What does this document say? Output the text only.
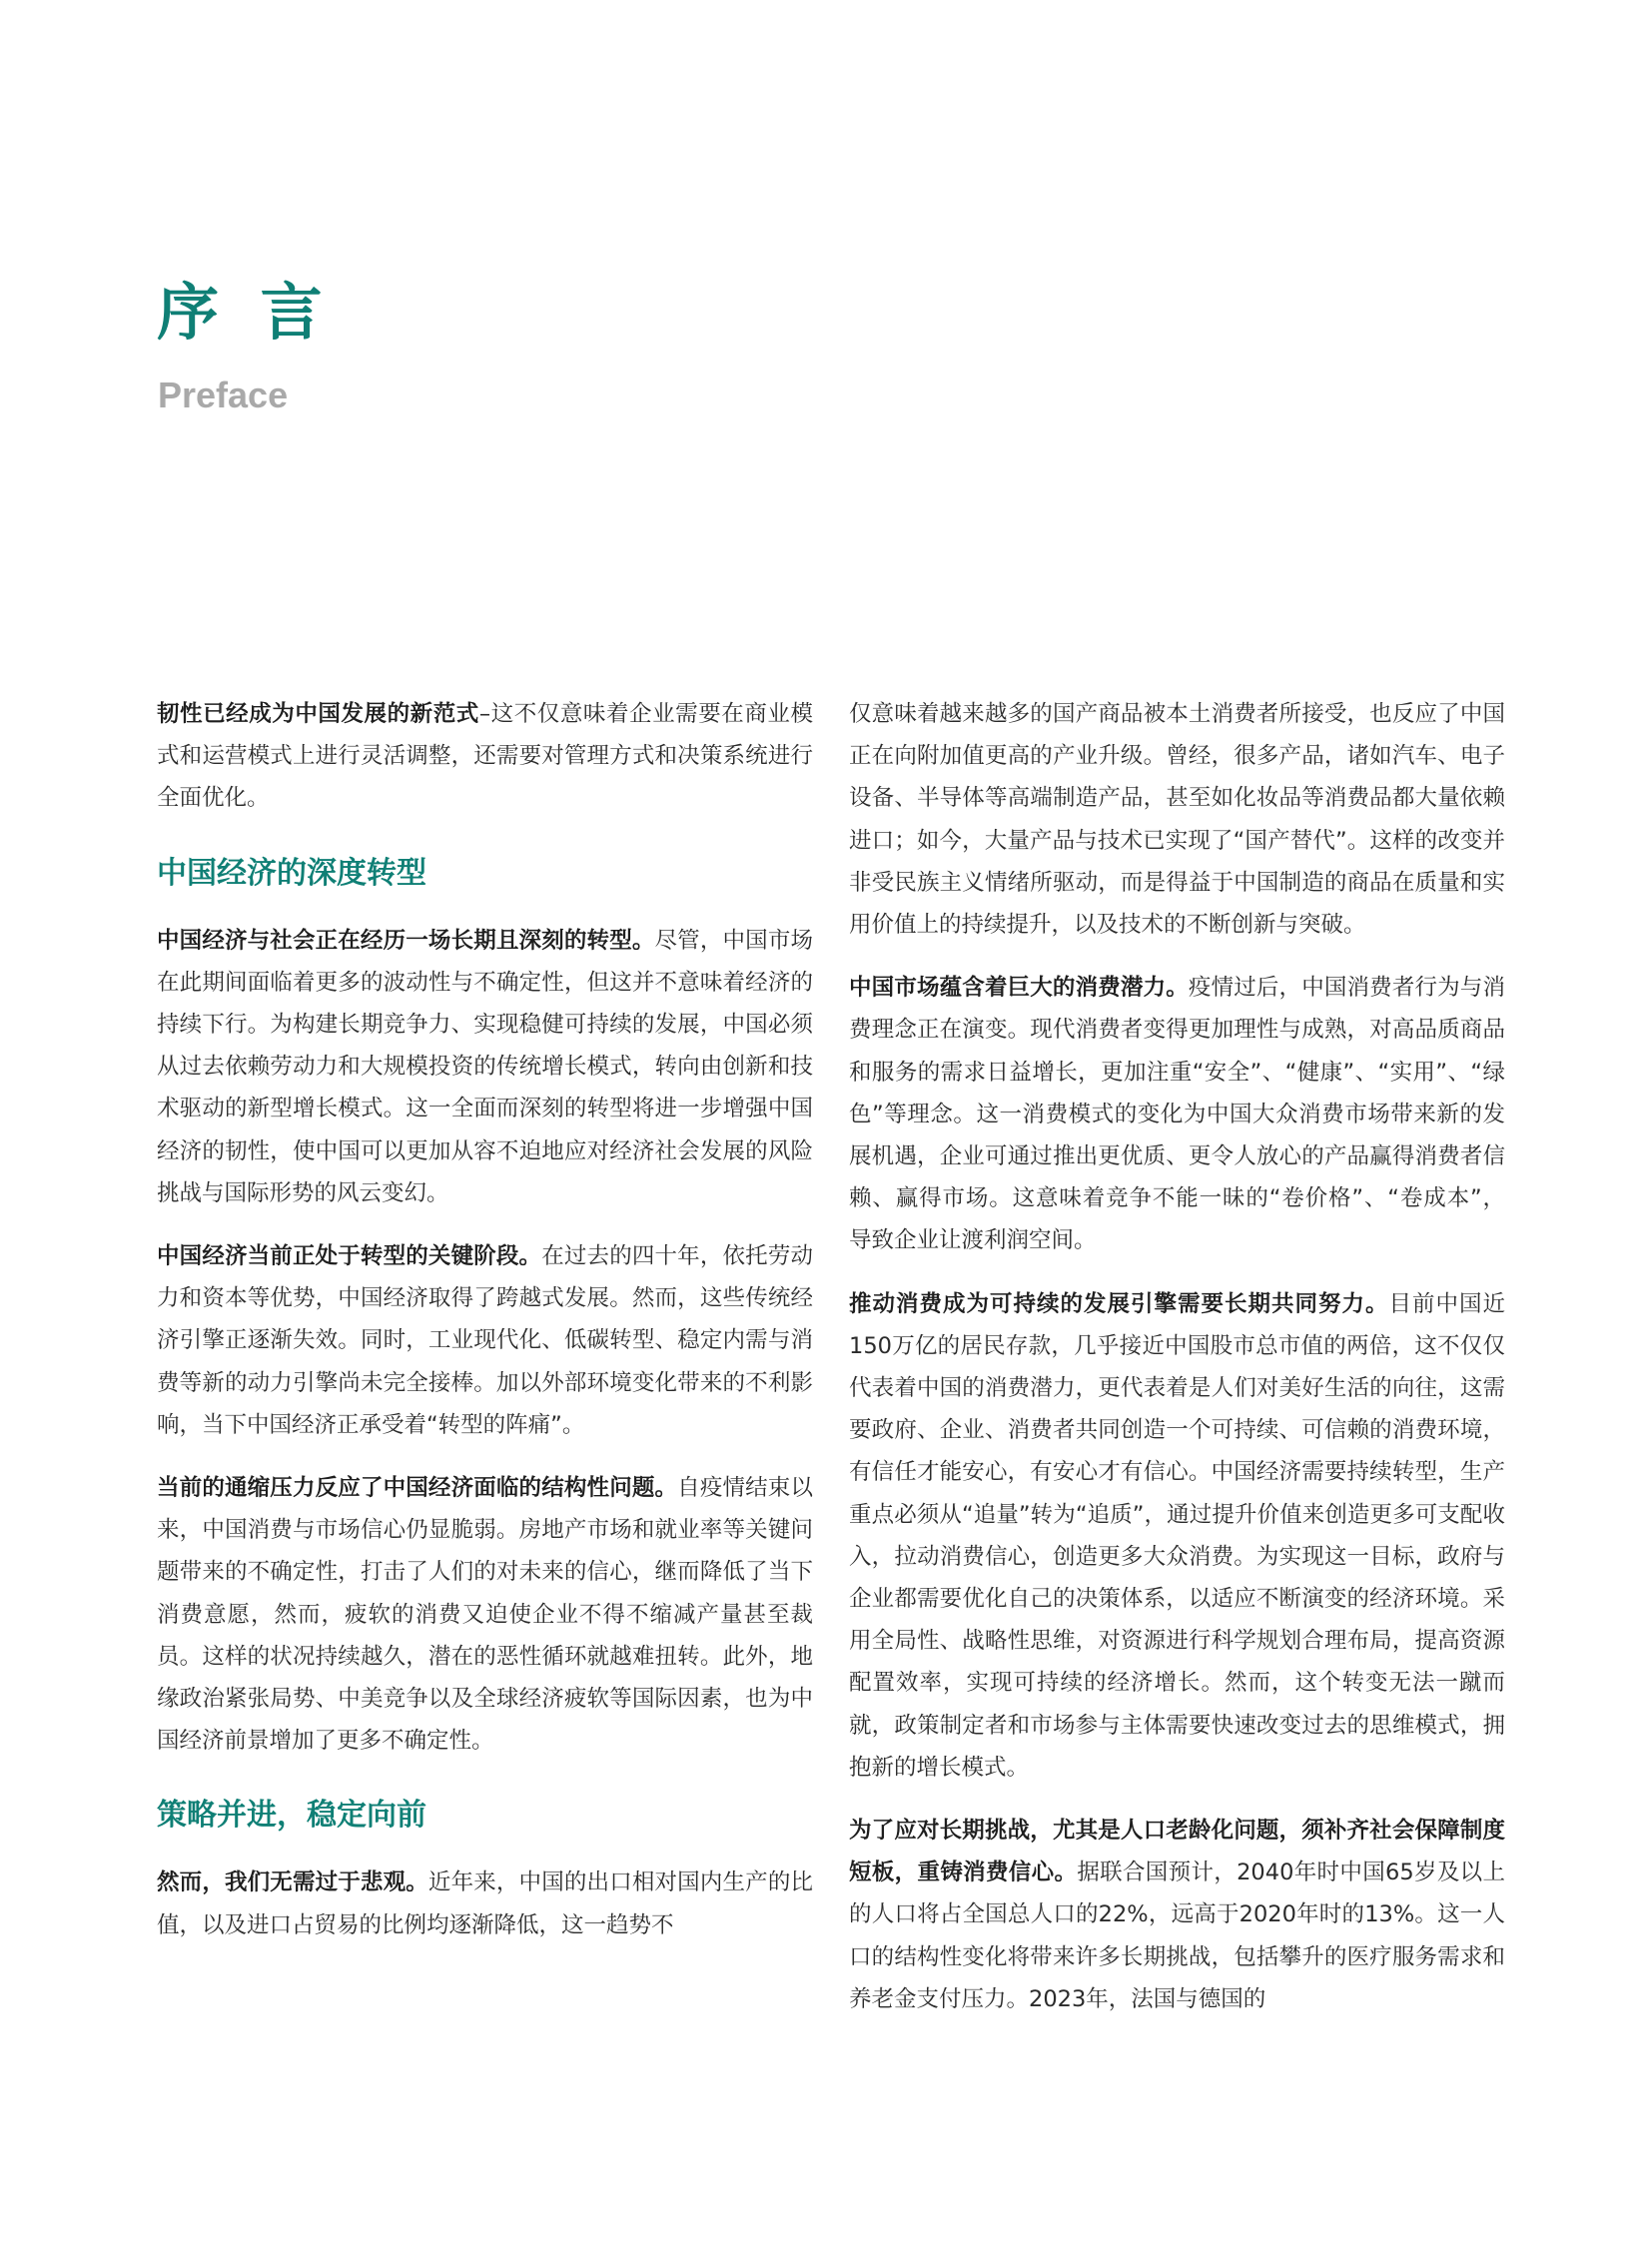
序 言
Preface

韧性已经成为中国发展的新范式–这不仅意味着企业需要在商业模式和运营模式上进行灵活调整，还需要对管理方式和决策系统进行全面优化。

中国经济的深度转型

中国经济与社会正在经历一场长期且深刻的转型。尽管，中国市场在此期间面临着更多的波动性与不确定性，但这并不意味着经济的持续下行。为构建长期竞争力、实现稳健可持续的发展，中国必须从过去依赖劳动力和大规模投资的传统增长模式，转向由创新和技术驱动的新型增长模式。这一全面而深刻的转型将进一步增强中国经济的韧性，使中国可以更加从容不迫地应对经济社会发展的风险挑战与国际形势的风云变幻。

中国经济当前正处于转型的关键阶段。在过去的四十年，依托劳动力和资本等优势，中国经济取得了跨越式发展。然而，这些传统经济引擎正逐渐失效。同时，工业现代化、低碳转型、稳定内需与消费等新的动力引擎尚未完全接棒。加以外部环境变化带来的不利影响，当下中国经济正承受着“转型的阵痛”。

当前的通缩压力反应了中国经济面临的结构性问题。自疫情结束以来，中国消费与市场信心仍显脆弱。房地产市场和就业率等关键问题带来的不确定性，打击了人们的对未来的信心，继而降低了当下消费意愿，然而，疲软的消费又迫使企业不得不缩减产量甚至裁员。这样的状况持续越久，潜在的恶性循环就越难扭转。此外，地缘政治紧张局势、中美竞争以及全球经济疲软等国际因素，也为中国经济前景增加了更多不确定性。

策略并进，稳定向前

然而，我们无需过于悲观。近年来，中国的出口相对国内生产的比值，以及进口占贸易的比例均逐渐降低，这一趋势不

仅意味着越来越多的国产商品被本土消费者所接受，也反应了中国正在向附加值更高的产业升级。曾经，很多产品，诸如汽车、电子设备、半导体等高端制造产品，甚至如化妆品等消费品都大量依赖进口；如今，大量产品与技术已实现了“国产替代”。这样的改变并非受民族主义情绪所驱动，而是得益于中国制造的商品在质量和实用价值上的持续提升，以及技术的不断创新与突破。

中国市场蕴含着巨大的消费潜力。疫情过后，中国消费者行为与消费理念正在演变。现代消费者变得更加理性与成熟，对高品质商品和服务的需求日益增长，更加注重“安全”、“健康”、“实用”、“绿色”等理念。这一消费模式的变化为中国大众消费市场带来新的发展机遇，企业可通过推出更优质、更令人放心的产品赢得消费者信赖、赢得市场。这意味着竞争不能一昧的“卷价格”、“卷成本”， 导致企业让渡利润空间。

推动消费成为可持续的发展引擎需要长期共同努力。目前中国近150万亿的居民存款，几乎接近中国股市总市值的两倍，这不仅仅代表着中国的消费潜力，更代表着是人们对美好生活的向往，这需要政府、企业、消费者共同创造一个可持续、可信赖的消费环境，有信任才能安心，有安心才有信心。中国经济需要持续转型，生产重点必须从“追量”转为“追质”，通过提升价值来创造更多可支配收入，拉动消费信心，创造更多大众消费。为实现这一目标，政府与企业都需要优化自己的决策体系，以适应不断演变的经济环境。采用全局性、战略性思维，对资源进行科学规划合理布局，提高资源配置效率，实现可持续的经济增长。然而，这个转变无法一蹴而就，政策制定者和市场参与主体需要快速改变过去的思维模式，拥抱新的增长模式。

为了应对长期挑战，尤其是人口老龄化问题，须补齐社会保障制度短板，重铸消费信心。据联合国预计，2040年时中国65岁及以上的人口将占全国总人口的22%，远高于2020年时的13%。这一人口的结构性变化将带来许多长期挑战，包括攀升的医疗服务需求和养老金支付压力。2023年，法国与德国的
